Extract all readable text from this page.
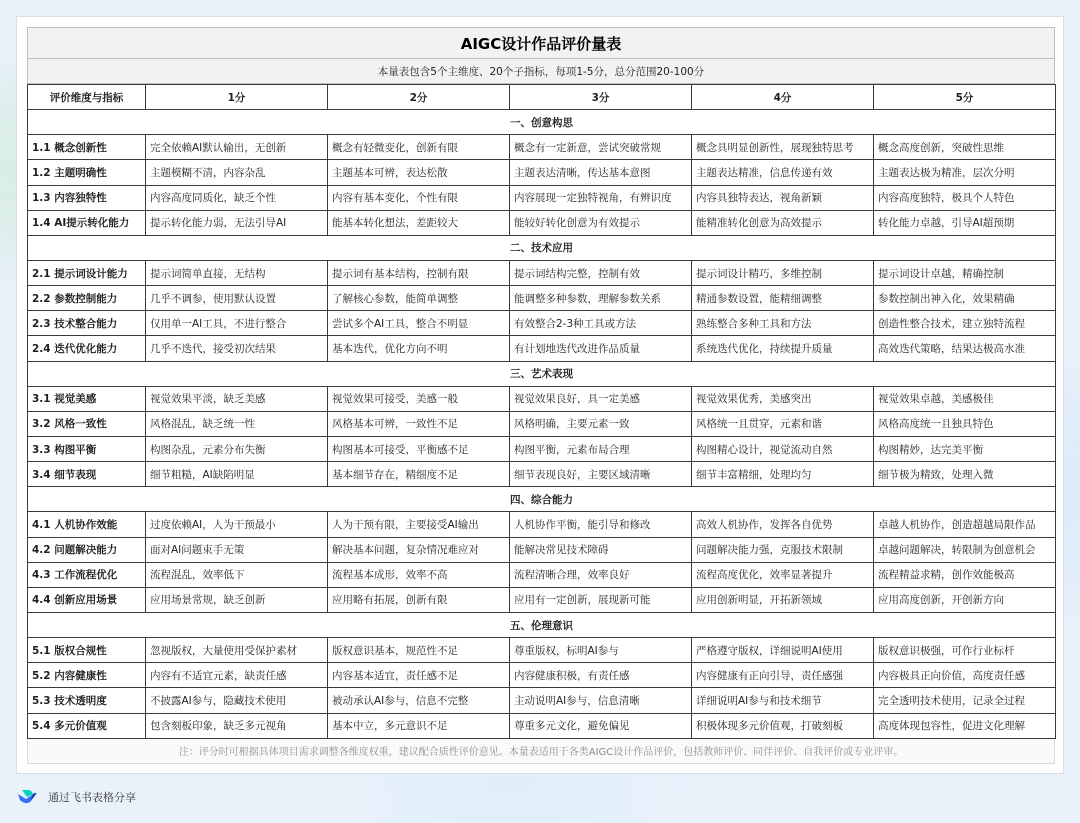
AIGC设计作品评价量表
本量表包含5个主维度、20个子指标，每项1-5分，总分范围20-100分
评价维度与指标	1分	2分	3分	4分	5分
一、创意构思					
1.1 概念创新性	完全依赖AI默认输出，无创新	概念有轻微变化，创新有限	概念有一定新意，尝试突破常规	概念具明显创新性，展现独特思考	概念高度创新，突破性思维
1.2 主题明确性	主题模糊不清，内容杂乱	主题基本可辨，表达松散	主题表达清晰，传达基本意图	主题表达精准，信息传递有效	主题表达极为精准，层次分明
1.3 内容独特性	内容高度同质化，缺乏个性	内容有基本变化，个性有限	内容展现一定独特视角，有辨识度	内容具独特表达，视角新颖	内容高度独特，极具个人特色
1.4 AI提示转化能力	提示转化能力弱，无法引导AI	能基本转化想法，差距较大	能较好转化创意为有效提示	能精准转化创意为高效提示	转化能力卓越，引导AI超预期
二、技术应用					
2.1 提示词设计能力	提示词简单直接，无结构	提示词有基本结构，控制有限	提示词结构完整，控制有效	提示词设计精巧，多维控制	提示词设计卓越，精确控制
2.2 参数控制能力	几乎不调参，使用默认设置	了解核心参数，能简单调整	能调整多种参数，理解参数关系	精通参数设置，能精细调整	参数控制出神入化，效果精确
2.3 技术整合能力	仅用单一AI工具，不进行整合	尝试多个AI工具，整合不明显	有效整合2-3种工具或方法	熟练整合多种工具和方法	创造性整合技术，建立独特流程
2.4 迭代优化能力	几乎不迭代，接受初次结果	基本迭代，优化方向不明	有计划地迭代改进作品质量	系统迭代优化，持续提升质量	高效迭代策略，结果达极高水准
三、艺术表现					
3.1 视觉美感	视觉效果平淡，缺乏美感	视觉效果可接受，美感一般	视觉效果良好，具一定美感	视觉效果优秀，美感突出	视觉效果卓越，美感极佳
3.2 风格一致性	风格混乱，缺乏统一性	风格基本可辨，一致性不足	风格明确，主要元素一致	风格统一且贯穿，元素和谐	风格高度统一且独具特色
3.3 构图平衡	构图杂乱，元素分布失衡	构图基本可接受，平衡感不足	构图平衡，元素布局合理	构图精心设计，视觉流动自然	构图精妙，达完美平衡
3.4 细节表现	细节粗糙，AI缺陷明显	基本细节存在，精细度不足	细节表现良好，主要区域清晰	细节丰富精细，处理均匀	细节极为精致，处理入微
四、综合能力					
4.1 人机协作效能	过度依赖AI，人为干预最小	人为干预有限，主要接受AI输出	人机协作平衡，能引导和修改	高效人机协作，发挥各自优势	卓越人机协作，创造超越局限作品
4.2 问题解决能力	面对AI问题束手无策	解决基本问题，复杂情况难应对	能解决常见技术障碍	问题解决能力强，克服技术限制	卓越问题解决，转限制为创意机会
4.3 工作流程优化	流程混乱，效率低下	流程基本成形，效率不高	流程清晰合理，效率良好	流程高度优化，效率显著提升	流程精益求精，创作效能极高
4.4 创新应用场景	应用场景常规，缺乏创新	应用略有拓展，创新有限	应用有一定创新，展现新可能	应用创新明显，开拓新领域	应用高度创新，开创新方向
五、伦理意识					
5.1 版权合规性	忽视版权，大量使用受保护素材	版权意识基本，规范性不足	尊重版权，标明AI参与	严格遵守版权，详细说明AI使用	版权意识极强，可作行业标杆
5.2 内容健康性	内容有不适宜元素，缺责任感	内容基本适宜，责任感不足	内容健康积极，有责任感	内容健康有正向引导，责任感强	内容极具正向价值，高度责任感
5.3 技术透明度	不披露AI参与，隐藏技术使用	被动承认AI参与，信息不完整	主动说明AI参与，信息清晰	详细说明AI参与和技术细节	完全透明技术使用，记录全过程
5.4 多元价值观	包含刻板印象，缺乏多元视角	基本中立，多元意识不足	尊重多元文化，避免偏见	积极体现多元价值观，打破刻板	高度体现包容性，促进文化理解
注：评分时可根据具体项目需求调整各维度权重，建议配合质性评价意见。本量表适用于各类AIGC设计作品评价，包括教师评价、同伴评价、自我评价或专业评审。
通过飞书表格分享
